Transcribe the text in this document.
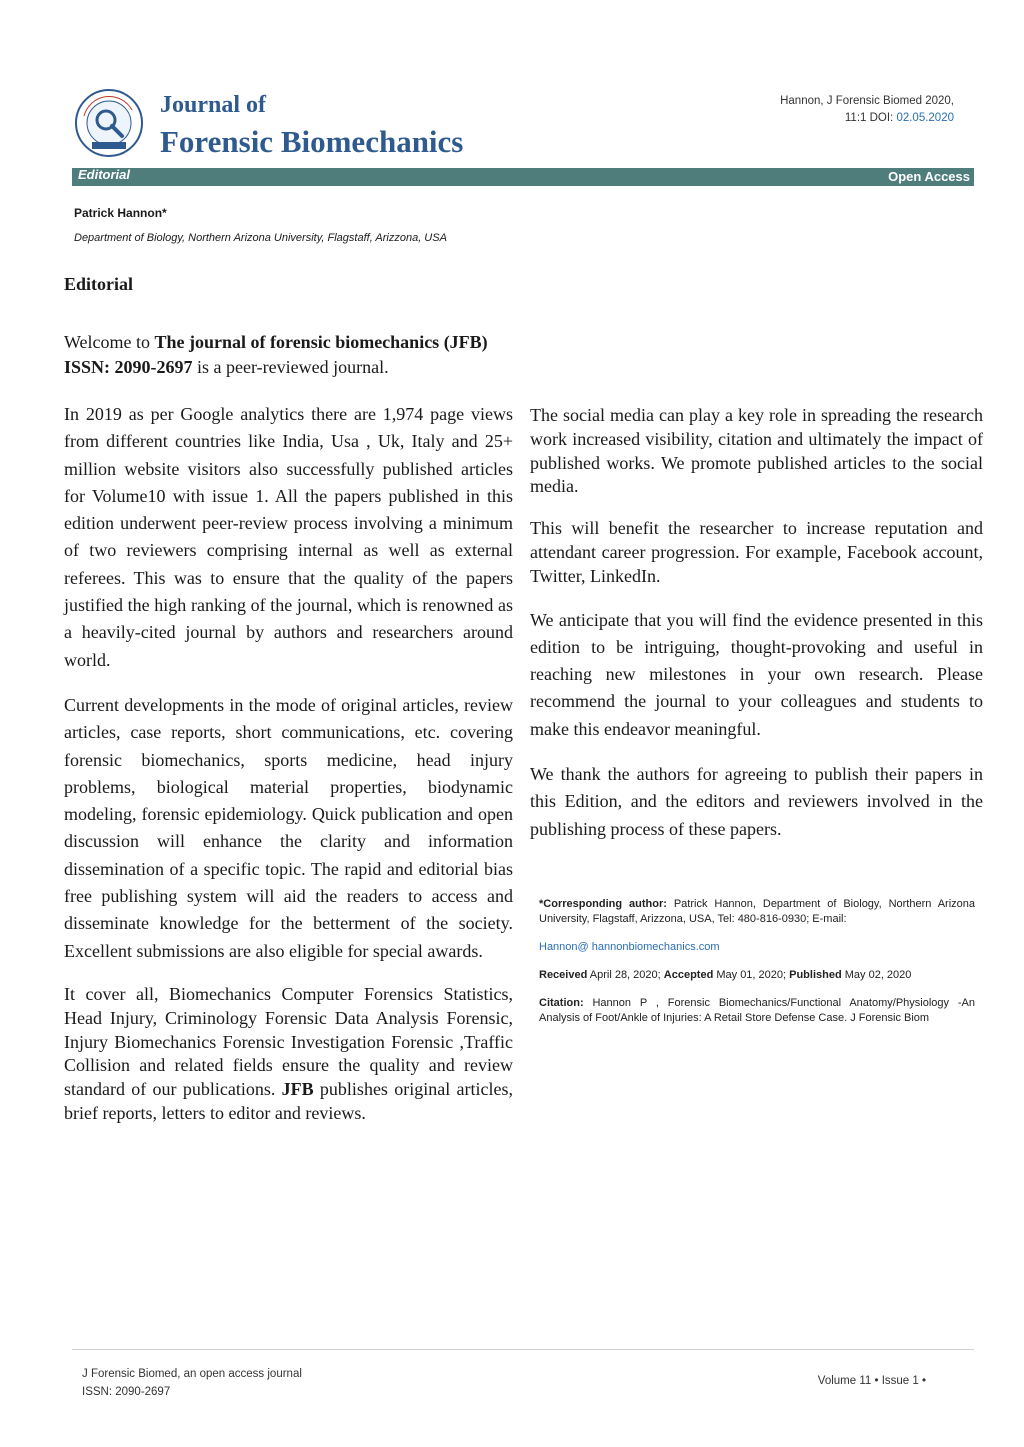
Journal of
Forensic Biomechanics
Hannon, J Forensic Biomed 2020,
11:1 DOI: 02.05.2020
Editorial	Open Access
Patrick Hannon*
Department of Biology, Northern Arizona University, Flagstaff, Arizzona, USA
Editorial
Welcome to The journal of forensic biomechanics (JFB) ISSN: 2090-2697 is a peer-reviewed journal.

In 2019 as per Google analytics there are 1,974 page views from different countries like India, Usa , Uk, Italy and 25+ million website visitors also successfully published articles for Volume10 with issue 1. All the papers published in this edition underwent peer-review process involving a minimum of two reviewers comprising internal as well as external referees. This was to ensure that the quality of the papers justified the high ranking of the journal, which is renowned as a heavily-cited journal by authors and researchers around world.

Current developments in the mode of original articles, review articles, case reports, short communications, etc. covering forensic biomechanics, sports medicine, head injury problems, biological material properties, biodynamic modeling, forensic epidemiology. Quick publication and open discussion will enhance the clarity and information dissemination of a specific topic. The rapid and editorial bias free publishing system will aid the readers to access and disseminate knowledge for the betterment of the society. Excellent submissions are also eligible for special awards.

It cover all, Biomechanics Computer Forensics Statistics, Head Injury, Criminology Forensic Data Analysis Forensic, Injury Biomechanics Forensic Investigation Forensic ,Traffic Collision and related fields ensure the quality and review standard of our publications. JFB publishes original articles, brief reports, letters to editor and reviews.

The social media can play a key role in spreading the research work increased visibility, citation and ultimately the impact of published works. We promote published articles to the social media.

This will benefit the researcher to increase reputation and attendant career progression. For example, Facebook account, Twitter, LinkedIn.

We anticipate that you will find the evidence presented in this edition to be intriguing, thought-provoking and useful in reaching new milestones in your own research. Please recommend the journal to your colleagues and students to make this endeavor meaningful.

We thank the authors for agreeing to publish their papers in this Edition, and the editors and reviewers involved in the publishing process of these papers.

*Corresponding author: Patrick Hannon, Department of Biology, Northern Arizona University, Flagstaff, Arizzona, USA, Tel: 480-816-0930; E-mail:

Hannon@ hannonbiomechanics.com

Received April 28, 2020; Accepted May 01, 2020; Published May 02, 2020

Citation: Hannon P , Forensic Biomechanics/Functional Anatomy/Physiology -An Analysis of Foot/Ankle of Injuries: A Retail Store Defense Case. J Forensic Biom

J Forensic Biomed, an open access journal
ISSN: 2090-2697
Volume 11 • Issue 1 •
